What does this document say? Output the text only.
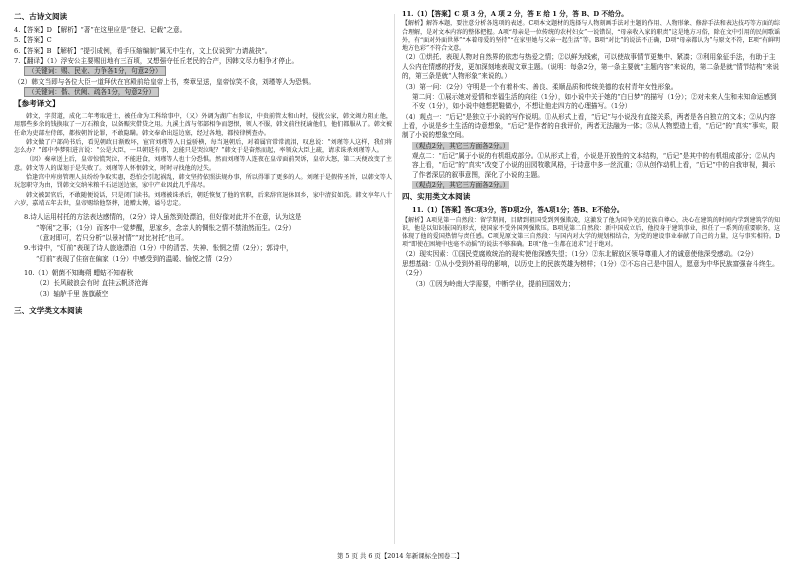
二、古诗文阅读
4.【答案】D 【解析】“著”在这里应是“登记、记载”之意。
5.【答案】C
6.【答案】B 【解析】“提引成例，看手压缩编制”属无中生有，文上仅说到“力请裁抉”。
7.【翻译】（1）浮安公主要赐田地有三百顷，又想强夺任丘老民的合产，因韩文尽力相争才停止。
（关键词：赐、民业、力争各1分，句意2分）
（2）韩文当即与各位大臣一道拜伏在宫殿前给皇帝上书，奏章呈送，皇帝惊笑不食，刘瑾等人为恐惧。
（关键词：偕、伏阙、疏各1分，句意2分）
【参考译文】

韩文，字贯道，成化二年考取进士，被任命为工科给事中，（又）外调为湖广右参议，中贵前管太和山时，侵扰公家，韩文竭力阻止他，用那些多余的钱换取了一万石粮食，以备赈灾借贷之用。九溪土酋与邻部相争而怨恨，领人不服，韩文前往抚谕他们，他们都服从了。韩文被任命为吏部左侍郎，都按朝旨论罪，不敢隐瞒。韩文奉命出巡边塞，经过各地，都按律例查办。

韩文做了户部尚书后，看见朝政日渐败坏，宦官刘瑾等人日益骄横，每当退朝后，对着属官常常流泪，叹息说：“刘瑾等人这样，我们将怎么办？”郎中李梦阳进言说：“公是大臣，一旦朝廷有事，怎能只是哭泣呢？”韩文于是奋然而起，率领众大臣上疏，请求诛杀刘瑾等人。

（因）奏章送上后，皇帝惊慌哭泣，不能进食，刘瑾等人也十分恐惧。然而刘瑾等人连夜在皇帝面前哭诉，皇帝大怒，第二天便改变了主意。韩文等人的谋划于是失败了。刘瑾等人怀恨韩文，时时寻找他的过失。

恰逢宫中库房管理人员纷纷争取实惠，恐怕会引起祸乱，韩文坚持依照法规办事，所以得罪了更多的人。刘瑾于是假传圣旨，以韩文等人玩忽职守为由，罚韩文交纳米粮千石运送边塞，家中产业因此几乎荡尽。

韩文被罢官后，不敢随便说话，只是闭门读书。刘瑾被诛杀后，朝廷恢复了他的官职，后来辞官退休回乡，家中清贫如洗。韩文享年八十六岁，嘉靖五年去世，皇帝赐给他祭葬，追赠太傅，谥号忠定。

8.诗人运用村托的方法表达感情的，（2分）诗人虽然到处漂泊，但好像对此并不在意，认为这是
“等闲”之事；（1分）而客中一觉梦醒，思家乡，念亲人的惆怅之情不禁油然而生。（2分）
（意对即可，若只分析“以景衬情”“对比衬托”也可。
9.韦诗中，“灯前”表现了诗人旅途漂泊（1分）中的清苦、失神、怅惘之情（2分）；郭诗中，
“灯前”表现了住宿在偏家（1分）中感受到的温暖、愉悦之情（2分）
10.（1）朝菌不知晦朔 蟪蛄不知春秋
（2）长风破浪会有时 直挂云帆济沧海
（3）轴舻千里 旌旗蔽空
三、文学类文本阅读
11.（1）【答案】C 项 3 分，A 项 2 分，答 E 给 1 分，答 B、D 不给分。
【解析】解答本题，要注意分析各选项的表述。C项本文题材的选择与人物刻画手法对主题的作用、人物形象、修辞手法和表达技巧等方面的综合理解，是对文本内容的整体把握。A项“母亲是一位传统的农村妇女”一说错误，“母亲收入家的职责”这是地方习俗，除在文中引用的民间歌谣外，有“面对外面世界”“本着母爱的坚持”“在家里她与父亲一起生活”等。B项“对比”的说法不正确，D项“母亲都认为”与原文不符，E项“有鲜明地方色彩”不符合文意。
（2）①烘托、表现人物对自然界的依恋与热爱之情；②以鲜为线索，可以使故事情节更集中、紧凑；③利用象征手法，有助于主人公内在情感的抒发，更加深刻地表现文章主题。（说明：每条2分，第一条主要就“主题内容”来说的，第二条是就“情节结构”来说的，第三条是就“人物形象”来说的。）
（3）第一问：（2分）守明是一个有着朴实、善良、柔顺品质和传统美德的农村青年女性形象。
第二问：①展示她对爱情和幸福生活的向往（1分），如小说中关于她的“白日梦”的描写（1分）；②对未来人生和未知命运感到不安（1分），如小说中她想把鞋做小，不想让他走四方的心理描写。（1分）
（4）观点一：“后记”是独立于小说的写作说明。①从形式上看，“后记”与小说没有直接关系，两者是各自独立的文本；②从内容上看，小说是乡土生活的诗意想象，“后记”是作者的自我评价，两者无法融为一体；③从人物塑造上看，“后记”的“真实”事实，限制了小说的想象空间。
（观点2分，其它三方面各2分。）
观点二：“后记”属于小说的有机组成部分。①从形式上看，小说是开放性的文本结构，“后记”是其中的有机组成部分；②从内容上看，“后记”的“真实”改变了小说的田园牧歌风格，于诗意中多一丝沉重；③从创作动机上看，“后记”中的自我审视，揭示了作者深层的叙事意图，深化了小说的主题。
（观点2分，其它三方面各2分。）
四、实用类文本阅读
11.（1）【答案】答C项3分，答D项2分，答A项1分；答B、E不给分。
【解析】A项见第一自然段：留学期间，目睹到祖国受到列强欺凌，这激发了他为国争光的民族自尊心，决心在建筑的时间内学到建筑学的知识，他是以知识报国的形式，使国家不受外国列强欺压。B项见第二自然段：新中国成立后，他投身于建筑事业，担任了一系列的重要职务，这体现了他的爱国热情与责任感。C项见原文第三自然段：与国内对大学的规划相结合，为党的建设事业奉献了自己的力量，这与事实相符。D项“即使在困境中也毫不动摇”的说法不够准确。E项“他一生都在追求”过于绝对。
（2）现实因素：①国民党腐败统治的现实使他深感失望；（1分）②东北解放区领导尊重人才的诚意使他深受感动。（2分）
思想基础：①从小受到外祖母的影响，以历史上的民族英雄为榜样；（1分）②不忘自己是中国人，愿意为中华民族富强奋斗终生。（2分）
（3）①因为岭南大学需要，中断学业，提前回国效力；
第 5 页 共 6 页【2014 年新课标全国卷二】
